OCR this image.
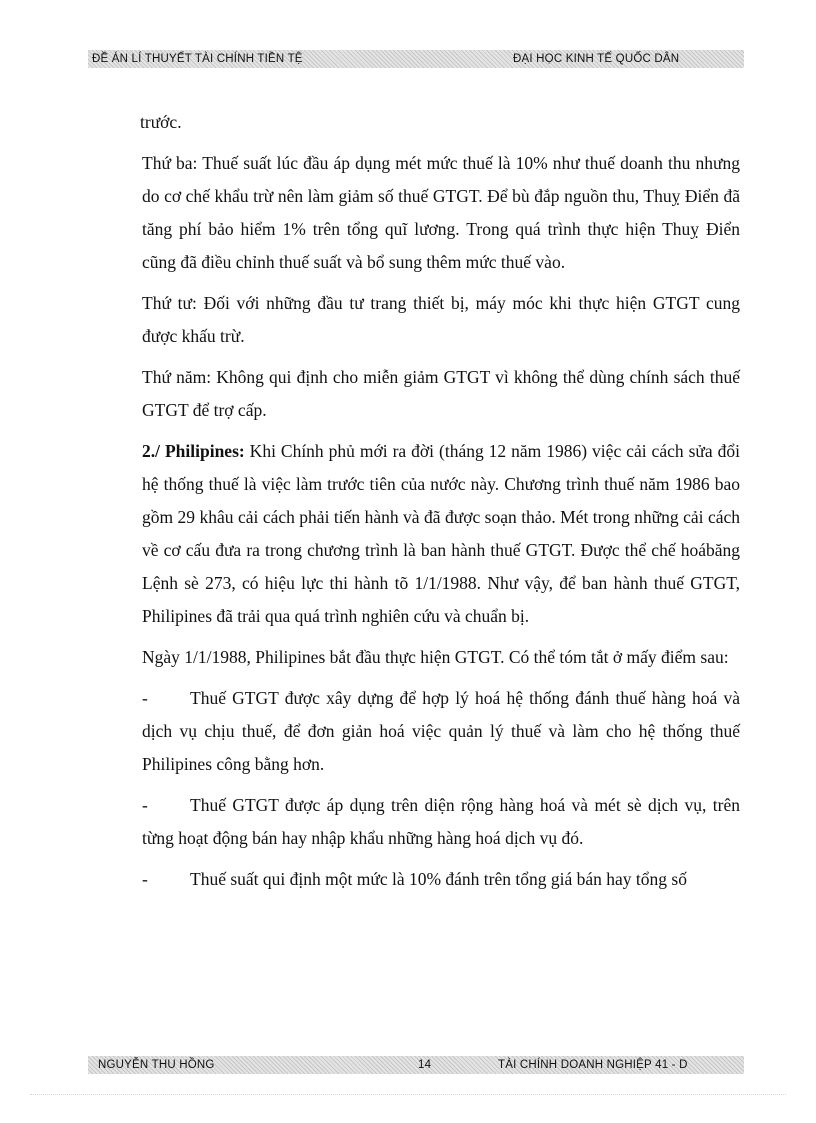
ĐỀ ÁN LÍ THUYẾT TÀI CHÍNH TIỀN TỆ	ĐẠI HỌC KINH TẾ QUỐC DÂN

trước.

Thứ ba: Thuế suất lúc đầu áp dụng mét mức thuế là 10% như thuế doanh thu nhưng do cơ chế khẩu trừ nên làm giảm số thuế GTGT. Để bù đắp nguồn thu, Thuỵ Điển đã tăng phí bảo hiểm 1% trên tổng quĩ lương. Trong quá trình thực hiện Thuỵ Điển cũng đã điều chỉnh thuế suất và bổ sung thêm mức thuế vào.

Thứ tư: Đối với những đầu tư trang thiết bị, máy móc khi thực hiện GTGT cung được khấu trừ.

Thứ năm: Không qui định cho miễn giảm GTGT vì không thể dùng chính sách thuế GTGT để trợ cấp.

2./ Philipines: Khi Chính phủ mới ra đời (tháng 12 năm 1986) việc cải cách sửa đổi hệ thống thuế là việc làm trước tiên của nước này. Chương trình thuế năm 1986 bao gồm 29 khâu cải cách phải tiến hành và đã được soạn thảo. Mét trong những cải cách về cơ cấu đưa ra trong chương trình là ban hành thuế GTGT. Được thể chế hoábăng Lệnh sè 273, có hiệu lực thi hành tõ 1/1/1988. Như vậy, để ban hành thuế GTGT, Philipines đã trải qua quá trình nghiên cứu và chuẩn bị.

Ngày 1/1/1988, Philipines bắt đầu thực hiện GTGT. Có thể tóm tắt ở mấy điểm sau:

- Thuế GTGT được xây dựng để hợp lý hoá hệ thống đánh thuế hàng hoá và dịch vụ chịu thuế, để đơn giản hoá việc quản lý thuế và làm cho hệ thống thuế Philipines công bằng hơn.

- Thuế GTGT được áp dụng trên diện rộng hàng hoá và mét sè dịch vụ, trên từng hoạt động bán hay nhập khẩu những hàng hoá dịch vụ đó.

- Thuế suất qui định một mức là 10% đánh trên tổng giá bán hay tổng số

NGUYỄN THU HỒNG	14	TÀI CHÍNH DOANH NGHIỆP 41 - D
